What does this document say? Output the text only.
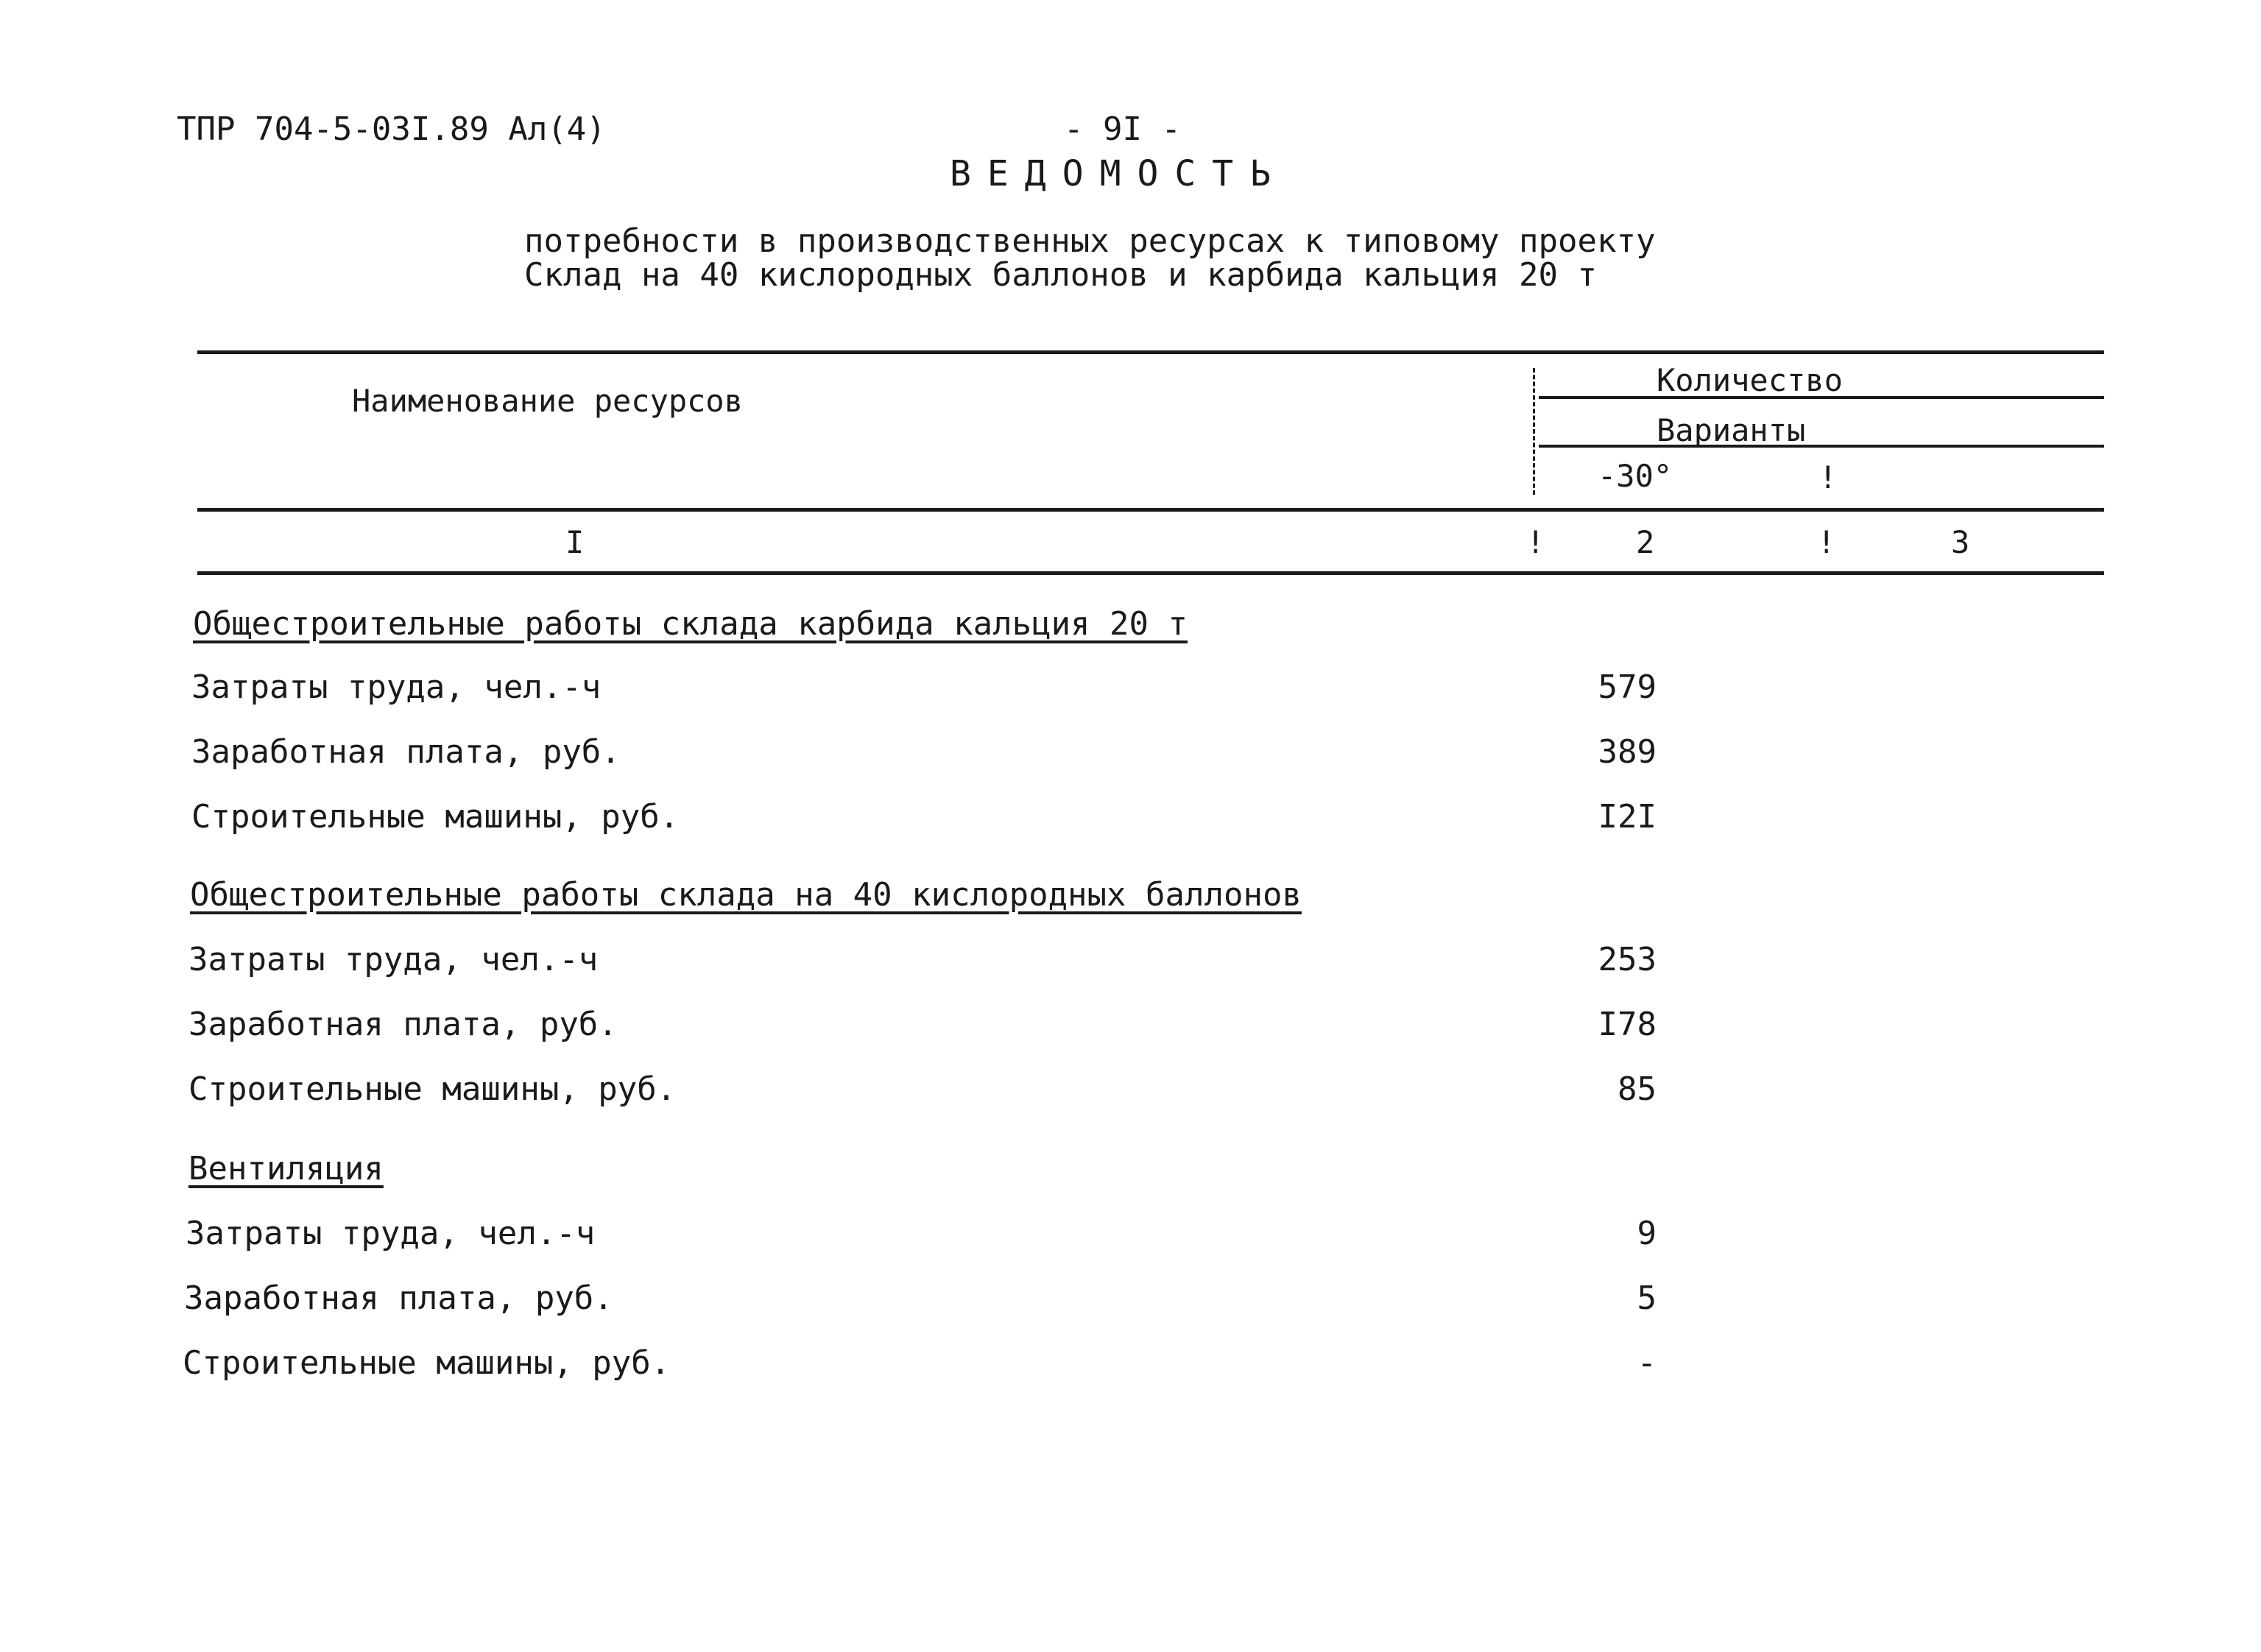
ТПР 704-5-03I.89 Ал(4)	- 9I -
ВЕДОМОСТЬ
потребности в производственных ресурсах к типовому проекту
Склад на 40 кислородных баллонов и карбида кальция 20 т
Наименование ресурсов
Количество
Варианты
-30°	!
I	!	2	!	3
Общестроительные работы склада карбида кальция 20 т
Затраты труда, чел.-ч	579
Заработная плата, руб.	389
Строительные машины, руб.	I2I
Общестроительные работы склада на 40 кислородных баллонов
Затраты труда, чел.-ч	253
Заработная плата, руб.	I78
Строительные машины, руб.	85
Вентиляция
Затраты труда, чел.-ч	9
Заработная плата, руб.	5
Строительные машины, руб.	-
